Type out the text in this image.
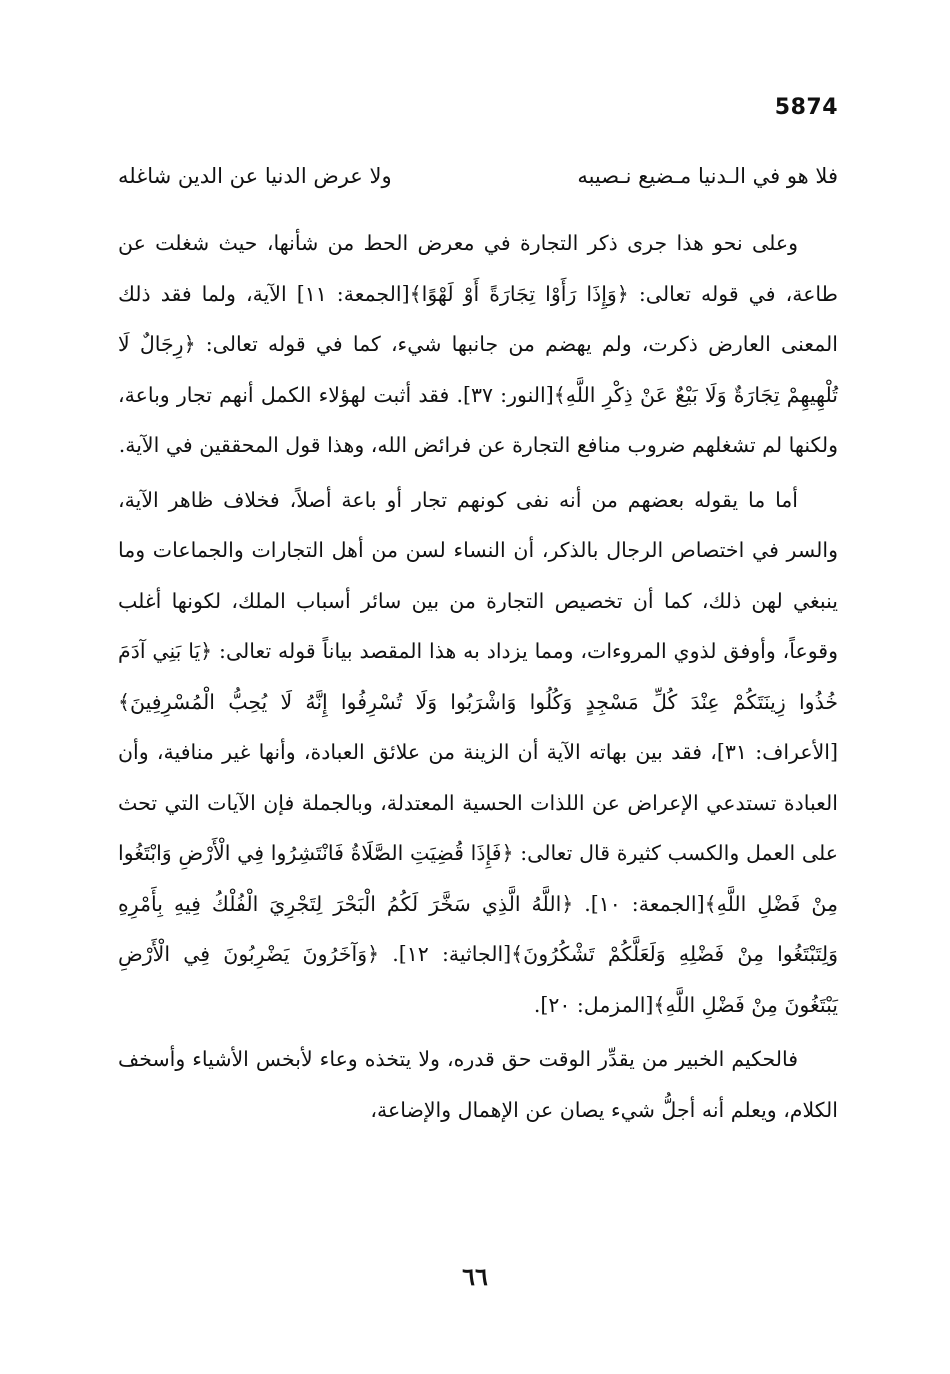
5874
فلا هو في الـدنيا مـضيع نـصيبه
ولا عرض الدنيا عن الدين شاغله

وعلى نحو هذا جرى ذكر التجارة في معرض الحط من شأنها، حيث شغلت عن طاعة، في قوله تعالى: ﴿وَإِذَا رَأَوْا تِجَارَةً أَوْ لَهْوًا﴾[الجمعة: ١١] الآية، ولما فقد ذلك المعنى العارض ذكرت، ولم يهضم من جانبها شيء، كما في قوله تعالى: ﴿رِجَالٌ لَا تُلْهِيهِمْ تِجَارَةٌ وَلَا بَيْعٌ عَنْ ذِكْرِ اللَّهِ﴾[النور: ٣٧]. فقد أثبت لهؤلاء الكمل أنهم تجار وباعة، ولكنها لم تشغلهم ضروب منافع التجارة عن فرائض الله، وهذا قول المحققين في الآية.

أما ما يقوله بعضهم من أنه نفى كونهم تجار أو باعة أصلاً، فخلاف ظاهر الآية، والسر في اختصاص الرجال بالذكر، أن النساء لسن من أهل التجارات والجماعات وما ينبغي لهن ذلك، كما أن تخصيص التجارة من بين سائر أسباب الملك، لكونها أغلب وقوعاً، وأوفق لذوي المروءات، ومما يزداد به هذا المقصد بياناً قوله تعالى: ﴿يَا بَنِي آدَمَ خُذُوا زِينَتَكُمْ عِنْدَ كُلِّ مَسْجِدٍ وَكُلُوا وَاشْرَبُوا وَلَا تُسْرِفُوا إِنَّهُ لَا يُحِبُّ الْمُسْرِفِينَ﴾[الأعراف: ٣١]، فقد بين بهاته الآية أن الزينة من علائق العبادة، وأنها غير منافية، وأن العبادة تستدعي الإعراض عن اللذات الحسية المعتدلة، وبالجملة فإن الآيات التي تحث على العمل والكسب كثيرة قال تعالى: ﴿فَإِذَا قُضِيَتِ الصَّلَاةُ فَانْتَشِرُوا فِي الْأَرْضِ وَابْتَغُوا مِنْ فَضْلِ اللَّهِ﴾[الجمعة: ١٠]. ﴿اللَّهُ الَّذِي سَخَّرَ لَكُمُ الْبَحْرَ لِتَجْرِيَ الْفُلْكُ فِيهِ بِأَمْرِهِ وَلِتَبْتَغُوا مِنْ فَضْلِهِ وَلَعَلَّكُمْ تَشْكُرُونَ﴾[الجاثية: ١٢]. ﴿وَآخَرُونَ يَضْرِبُونَ فِي الْأَرْضِ يَبْتَغُونَ مِنْ فَضْلِ اللَّهِ﴾[المزمل: ٢٠].

فالحكيم الخبير من يقدِّر الوقت حق قدره، ولا يتخذه وعاء لأبخس الأشياء وأسخف الكلام، ويعلم أنه أجلُّ شيء يصان عن الإهمال والإضاعة،

٦٦
